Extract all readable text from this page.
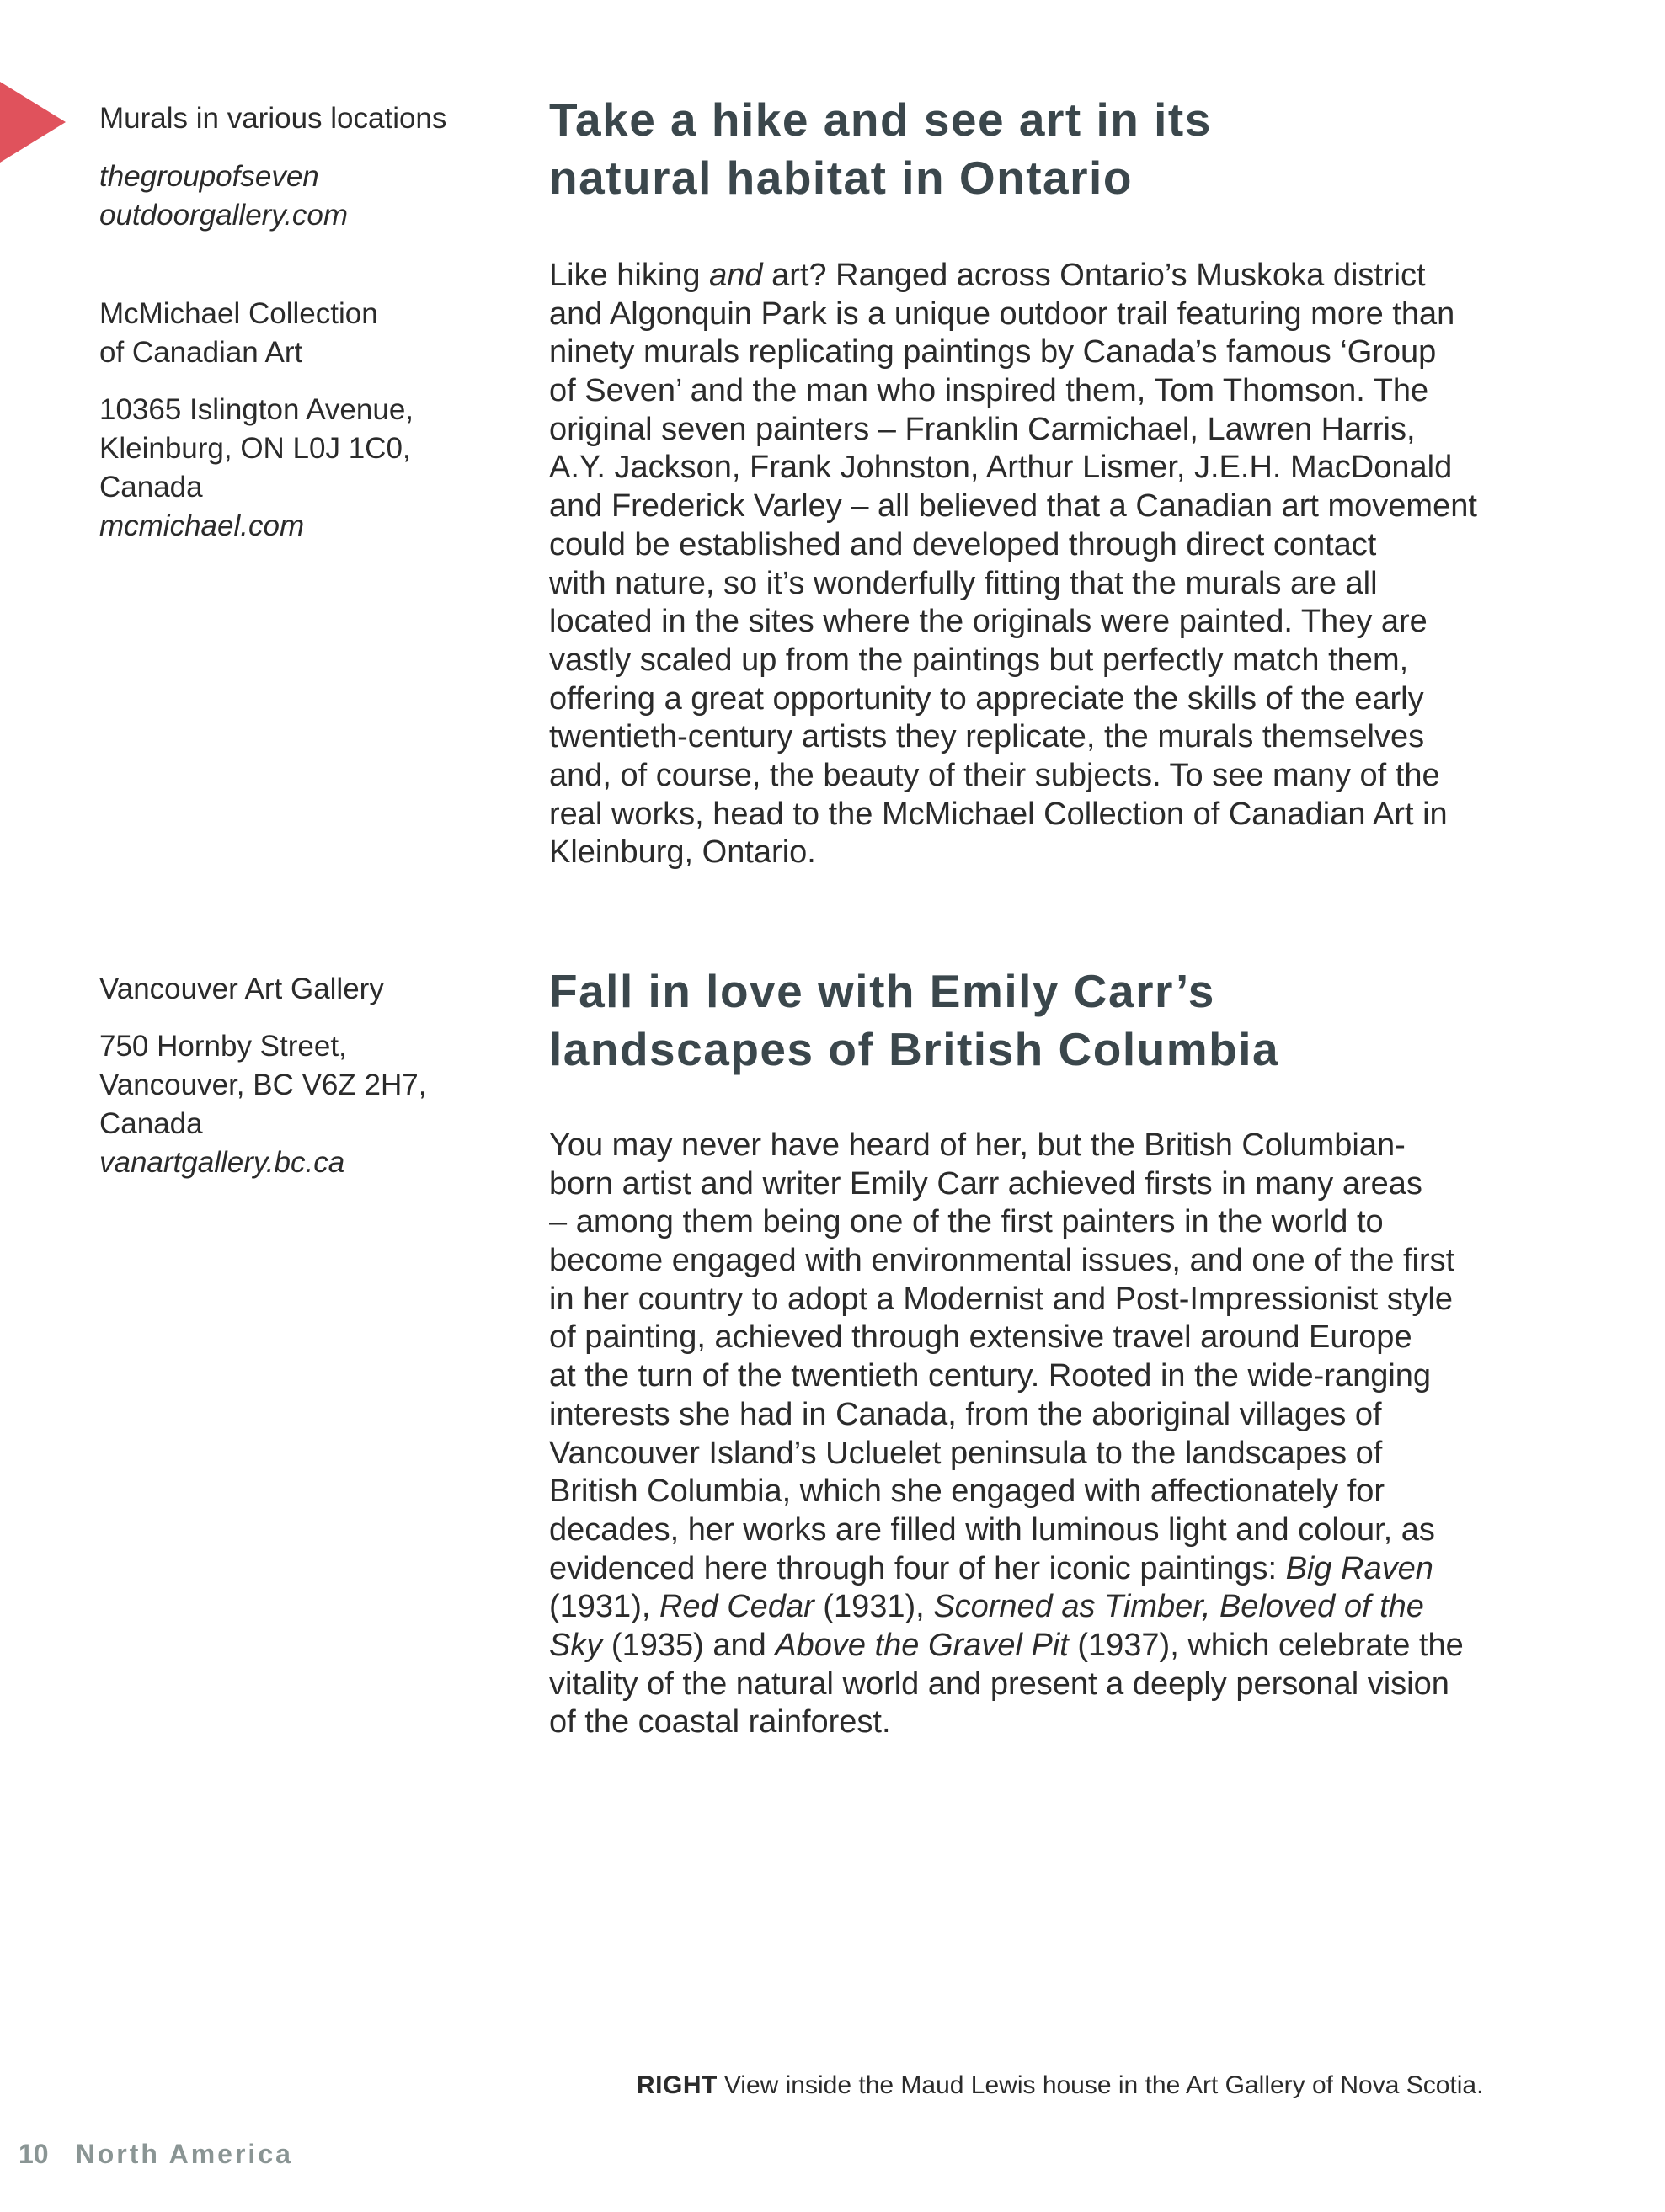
Murals in various locations

thegroupofseven

outdoorgallery.com

McMichael Collection

of Canadian Art

10365 Islington Avenue,

Kleinburg, ON L0J 1C0,

Canada

mcmichael.com

Vancouver Art Gallery

750 Hornby Street,

Vancouver, BC V6Z 2H7,

Canada

vanartgallery.bc.ca

Take a hike and see art in its
natural habitat in Ontario
Like hiking and art? Ranged across Ontario’s Muskoka district
and Algonquin Park is a unique outdoor trail featuring more than
ninety murals replicating paintings by Canada’s famous ‘Group
of Seven’ and the man who inspired them, Tom Thomson. The
original seven painters – Franklin Carmichael, Lawren Harris,
A.Y. Jackson, Frank Johnston, Arthur Lismer, J.E.H. MacDonald
and Frederick Varley – all believed that a Canadian art movement
could be established and developed through direct contact
with nature, so it’s wonderfully fitting that the murals are all
located in the sites where the originals were painted. They are
vastly scaled up from the paintings but perfectly match them,
offering a great opportunity to appreciate the skills of the early
twentieth-century artists they replicate, the murals themselves
and, of course, the beauty of their subjects. To see many of the
real works, head to the McMichael Collection of Canadian Art in
Kleinburg, Ontario.
Fall in love with Emily Carr’s
landscapes of British Columbia
You may never have heard of her, but the British Columbian-
born artist and writer Emily Carr achieved firsts in many areas
– among them being one of the first painters in the world to
become engaged with environmental issues, and one of the first
in her country to adopt a Modernist and Post-Impressionist style
of painting, achieved through extensive travel around Europe
at the turn of the twentieth century. Rooted in the wide-ranging
interests she had in Canada, from the aboriginal villages of
Vancouver Island’s Ucluelet peninsula to the landscapes of
British Columbia, which she engaged with affectionately for
decades, her works are filled with luminous light and colour, as
evidenced here through four of her iconic paintings: Big Raven
(1931), Red Cedar (1931), Scorned as Timber, Beloved of the
Sky (1935) and Above the Gravel Pit (1937), which celebrate the
vitality of the natural world and present a deeply personal vision
of the coastal rainforest.
RIGHT View inside the Maud Lewis house in the Art Gallery of Nova Scotia.
10 North America
